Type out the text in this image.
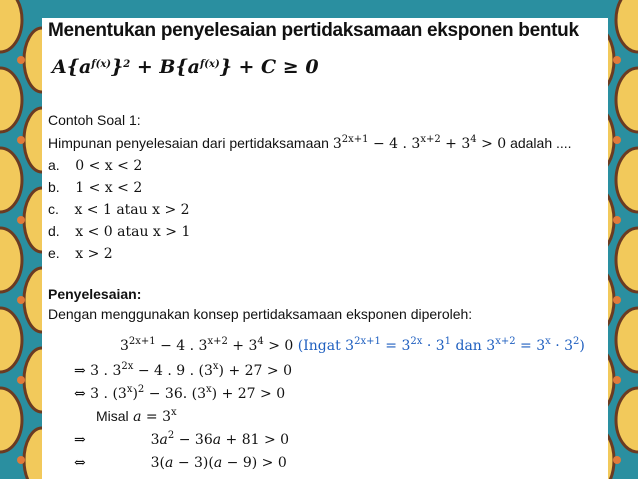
Menentukan penyelesaian pertidaksamaan eksponen bentuk
$A\{a^{f(x)}\}^2 + B\{a^{f(x)}\} + C \ge 0$
Contoh Soal 1:
Himpunan penyelesaian dari pertidaksamaan $3^{2x+1} - 4$ . $3^{x+2} + 3^4 > 0$ adalah ....
a. 0 < x < 2
b. 1 < x < 2
c. x < 1 atau x > 2
d. x < 0 atau x > 1
e. x > 2
Penyelesaian:
Dengan menggunakan konsep pertidaksamaan eksponen diperoleh:
$3^{2x+1} - 4$ . $3^{x+2} + 3^4 > 0$ (Ingat $3^{2x+1} = 3^{2x} \cdot 3^1$ dan $3^{x+2} = 3^x \cdot 3^2$)
⇒ 3 . $3^{2x} - 4$ . 9 . $(3^x) + 27 > 0$
⇔ 3 . $(3^x)^2 - 36$. $(3^x) + 27 > 0$
Misal $a = 3^x$
⇒	$3a^2 - 36a + 81 > 0$
⇔	3(a − 3)(a − 9) > 0
